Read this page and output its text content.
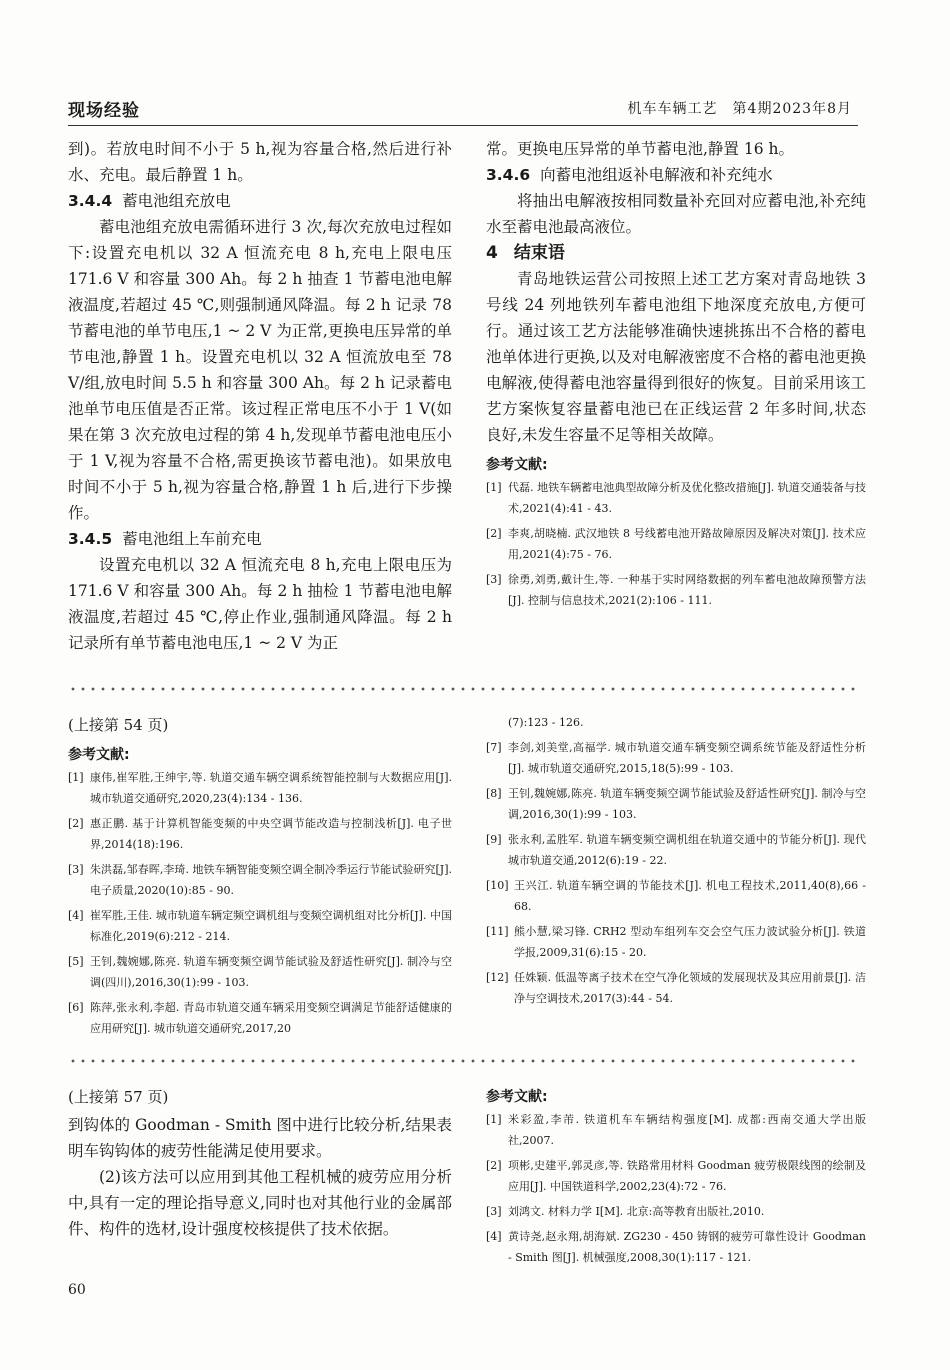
现场经验	机车车辆工艺　第4期2023年8月

到)。若放电时间不小于 5 h,视为容量合格,然后进行补水、充电。最后静置 1 h。

3.4.4 蓄电池组充放电

蓄电池组充放电需循环进行 3 次,每次充放电过程如下:设置充电机以 32 A 恒流充电 8 h,充电上限电压 171.6 V 和容量 300 Ah。每 2 h 抽查 1 节蓄电池电解液温度,若超过 45 ℃,则强制通风降温。每 2 h 记录 78 节蓄电池的单节电压,1 ~ 2 V 为正常,更换电压异常的单节电池,静置 1 h。设置充电机以 32 A 恒流放电至 78 V/组,放电时间 5.5 h 和容量 300 Ah。每 2 h 记录蓄电池单节电压值是否正常。该过程正常电压不小于 1 V(如果在第 3 次充放电过程的第 4 h,发现单节蓄电池电压小于 1 V,视为容量不合格,需更换该节蓄电池)。如果放电时间不小于 5 h,视为容量合格,静置 1 h 后,进行下步操作。

3.4.5 蓄电池组上车前充电

设置充电机以 32 A 恒流充电 8 h,充电上限电压为 171.6 V 和容量 300 Ah。每 2 h 抽检 1 节蓄电池电解液温度,若超过 45 ℃,停止作业,强制通风降温。每 2 h 记录所有单节蓄电池电压,1 ~ 2 V 为正

常。更换电压异常的单节蓄电池,静置 16 h。

3.4.6 向蓄电池组返补电解液和补充纯水

将抽出电解液按相同数量补充回对应蓄电池,补充纯水至蓄电池最高液位。

4 结束语

青岛地铁运营公司按照上述工艺方案对青岛地铁 3 号线 24 列地铁列车蓄电池组下地深度充放电,方便可行。通过该工艺方法能够准确快速挑拣出不合格的蓄电池单体进行更换,以及对电解液密度不合格的蓄电池更换电解液,使得蓄电池容量得到很好的恢复。目前采用该工艺方案恢复容量蓄电池已在正线运营 2 年多时间,状态良好,未发生容量不足等相关故障。

参考文献:
[1] 代磊. 地铁车辆蓄电池典型故障分析及优化整改措施[J]. 轨道交通装备与技术,2021(4):41 - 43.
[2] 李爽,胡晓楠. 武汉地铁 8 号线蓄电池开路故障原因及解决对策[J]. 技术应用,2021(4):75 - 76.
[3] 徐勇,刘勇,戴计生,等. 一种基于实时网络数据的列车蓄电池故障预警方法[J]. 控制与信息技术,2021(2):106 - 111.
(上接第 54 页)
参考文献:
[1] 康伟,崔军胜,王绅宇,等. 轨道交通车辆空调系统智能控制与大数据应用[J]. 城市轨道交通研究,2020,23(4):134 - 136.
[2] 惠正鹏. 基于计算机智能变频的中央空调节能改造与控制浅析[J]. 电子世界,2014(18):196.
[3] 朱洪磊,邹春晖,李琦. 地铁车辆智能变频空调全制冷季运行节能试验研究[J]. 电子质量,2020(10):85 - 90.
[4] 崔军胜,王佳. 城市轨道车辆定频空调机组与变频空调机组对比分析[J]. 中国标准化,2019(6):212 - 214.
[5] 王钊,魏婉娜,陈亮. 轨道车辆变频空调节能试验及舒适性研究[J]. 制冷与空调(四川),2016,30(1):99 - 103.
[6] 陈萍,张永利,李超. 青岛市轨道交通车辆采用变频空调满足节能舒适健康的应用研究[J]. 城市轨道交通研究,2017,20
(7):123 - 126.
[7] 李剑,刘美堂,高福学. 城市轨道交通车辆变频空调系统节能及舒适性分析[J]. 城市轨道交通研究,2015,18(5):99 - 103.
[8] 王钊,魏婉娜,陈亮. 轨道车辆变频空调节能试验及舒适性研究[J]. 制冷与空调,2016,30(1):99 - 103.
[9] 张永利,孟胜军. 轨道车辆变频空调机组在轨道交通中的节能分析[J]. 现代城市轨道交通,2012(6):19 - 22.
[10] 王兴江. 轨道车辆空调的节能技术[J]. 机电工程技术,2011,40(8),66 - 68.
[11] 熊小慧,梁习锋. CRH2 型动车组列车交会空气压力波试验分析[J]. 铁道学报,2009,31(6):15 - 20.
[12] 任姝颖. 低温等离子技术在空气净化领域的发展现状及其应用前景[J]. 洁净与空调技术,2017(3):44 - 54.
(上接第 57 页)

到钩体的 Goodman - Smith 图中进行比较分析,结果表明车钩钩体的疲劳性能满足使用要求。

(2)该方法可以应用到其他工程机械的疲劳应用分析中,具有一定的理论指导意义,同时也对其他行业的金属部件、构件的选材,设计强度校核提供了技术依据。

参考文献:
[1] 米彩盈,李芾. 铁道机车车辆结构强度[M]. 成都:西南交通大学出版社,2007.
[2] 项彬,史建平,郭灵彦,等. 铁路常用材料 Goodman 疲劳极限线图的绘制及应用[J]. 中国铁道科学,2002,23(4):72 - 76.
[3] 刘鸿文. 材料力学 I[M]. 北京:高等教育出版社,2010.
[4] 黄诗尧,赵永翔,胡海斌. ZG230 - 450 铸钢的疲劳可靠性设计 Goodman - Smith 图[J]. 机械强度,2008,30(1):117 - 121.
60
